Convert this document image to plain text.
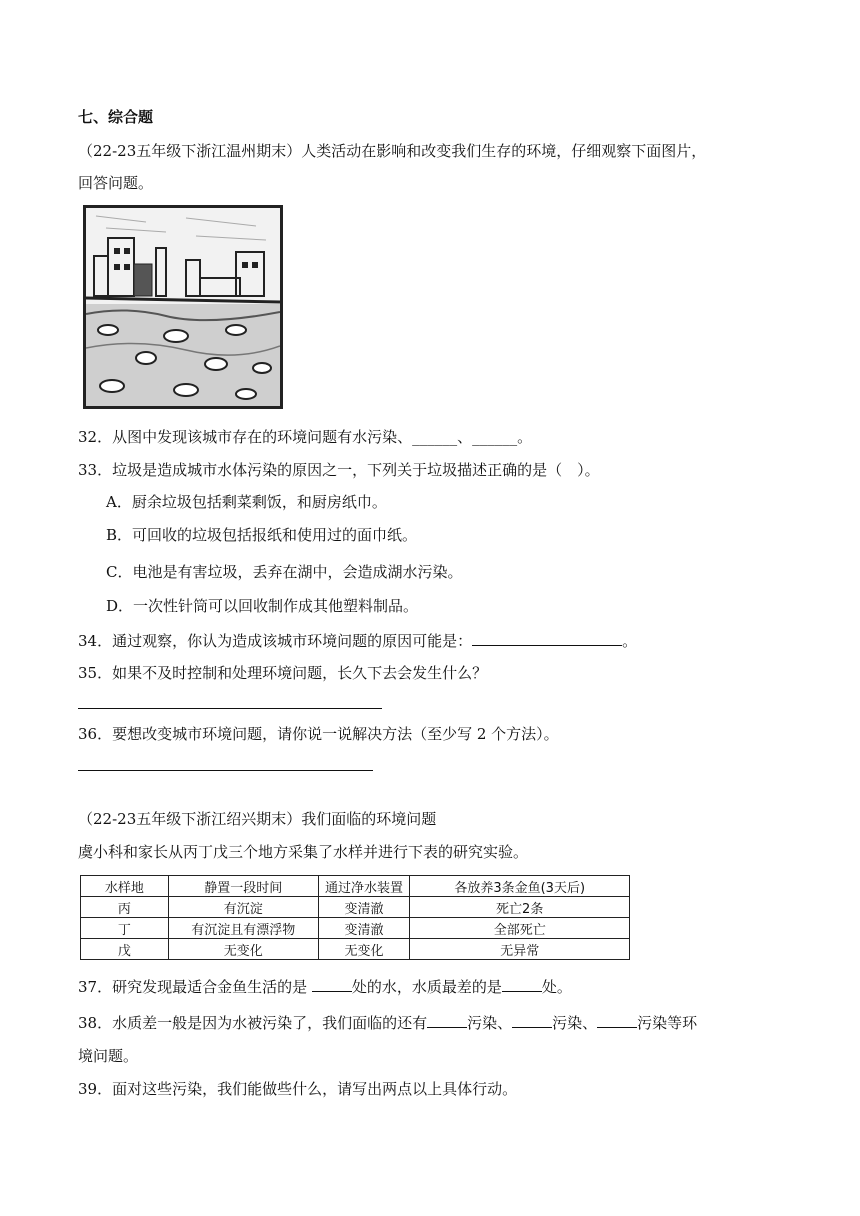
七、综合题
（22-23五年级下浙江温州期末）人类活动在影响和改变我们生存的环境，仔细观察下面图片，
回答问题。
32．从图中发现该城市存在的环境问题有水污染、______、______。
33．垃圾是造成城市水体污染的原因之一，下列关于垃圾描述正确的是（　）。
A．厨余垃圾包括剩菜剩饭，和厨房纸巾。
B．可回收的垃圾包括报纸和使用过的面巾纸。
C．电池是有害垃圾，丢弃在湖中，会造成湖水污染。
D．一次性针筒可以回收制作成其他塑料制品。
34．通过观察，你认为造成该城市环境问题的原因可能是：	。
35．如果不及时控制和处理环境问题，长久下去会发生什么？
36．要想改变城市环境问题，请你说一说解决方法（至少写 2 个方法）。
（22-23五年级下浙江绍兴期末）我们面临的环境问题
虞小科和家长从丙丁戊三个地方采集了水样并进行下表的研究实验。
水样地	静置一段时间	通过净水装置	各放养3条金鱼(3天后)
丙	有沉淀	变清澈	死亡2条
丁	有沉淀且有漂浮物	变清澈	全部死亡
戊	无变化	无变化	无异常
37．研究发现最适合金鱼生活的是	处的水，水质最差的是	处。
38．水质差一般是因为水被污染了，我们面临的还有	污染、	污染、	污染等环
境问题。
39．面对这些污染，我们能做些什么，请写出两点以上具体行动。
